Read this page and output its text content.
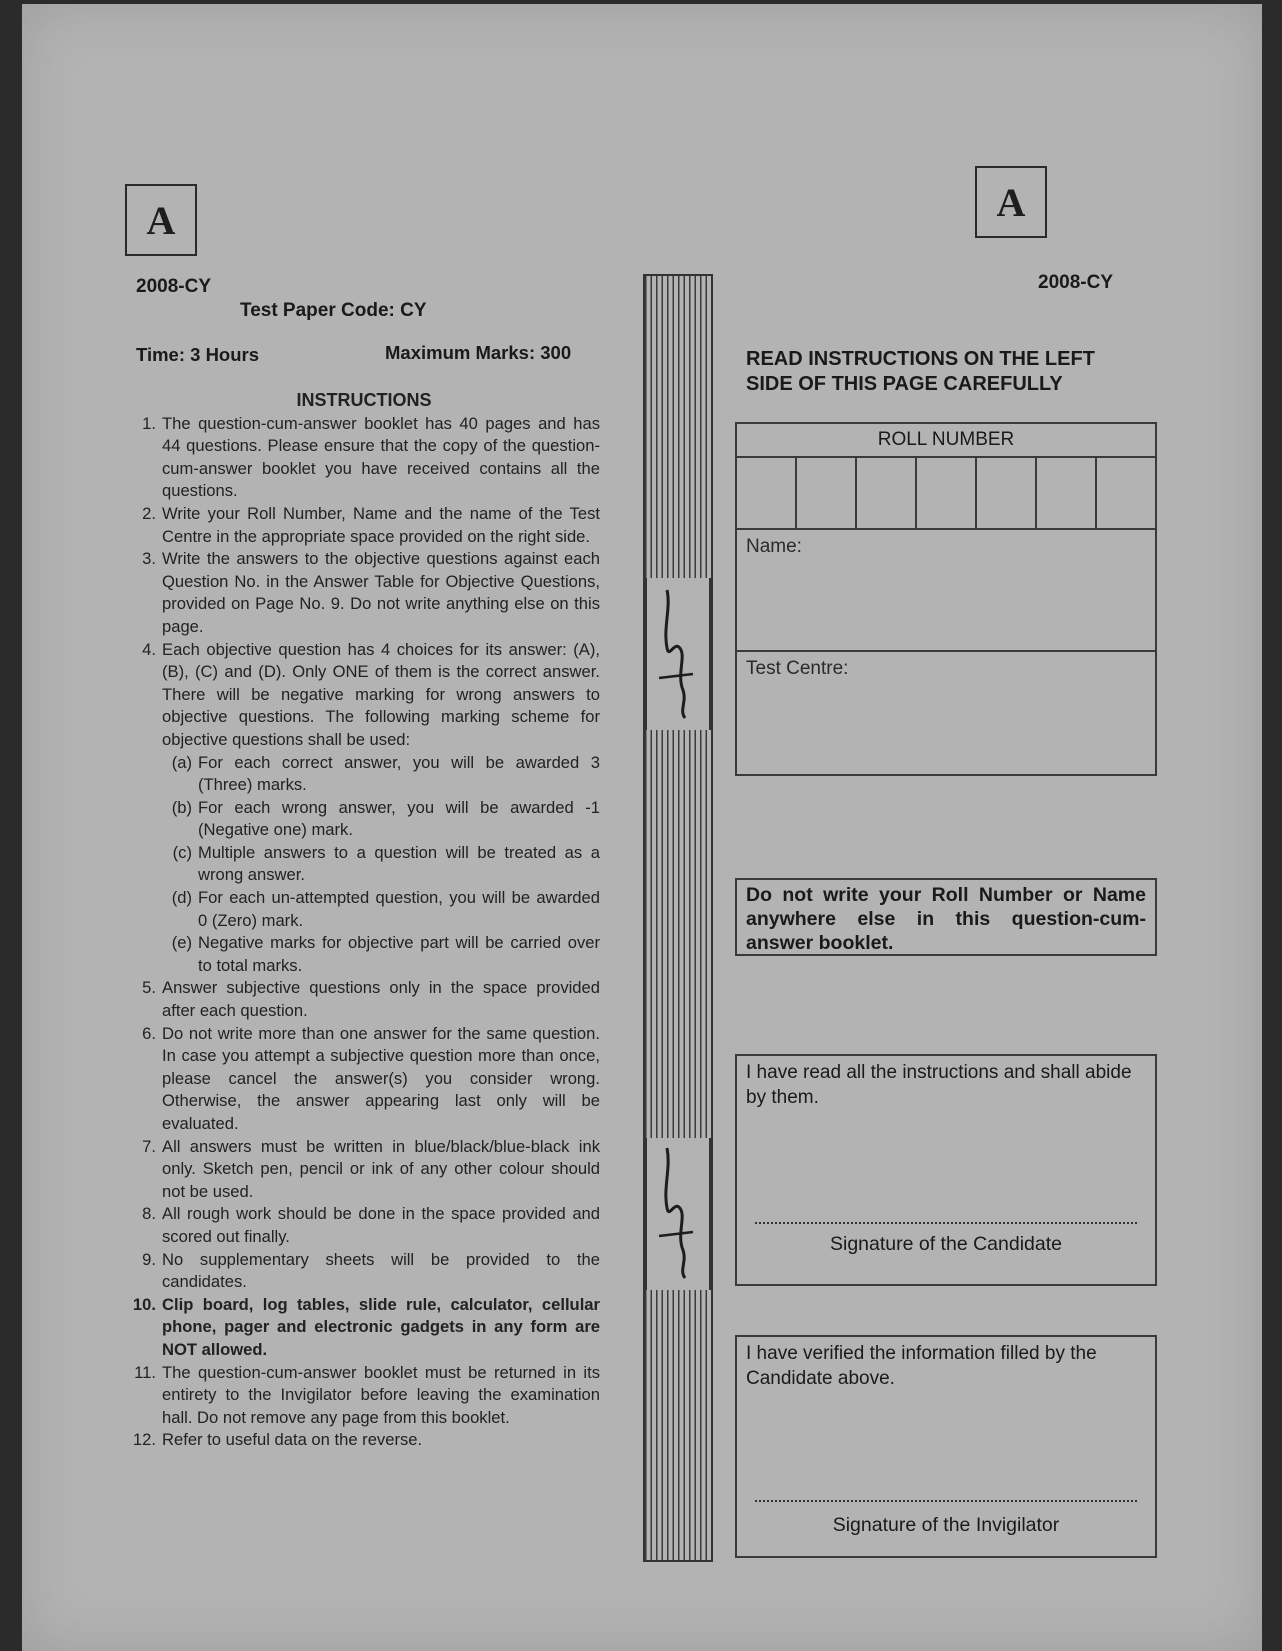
A
2008-CY
Test Paper Code: CY
Time: 3 Hours	Maximum Marks: 300
INSTRUCTIONS
1. The question-cum-answer booklet has 40 pages and has 44 questions. Please ensure that the copy of the question-cum-answer booklet you have received contains all the questions.
2. Write your Roll Number, Name and the name of the Test Centre in the appropriate space provided on the right side.
3. Write the answers to the objective questions against each Question No. in the Answer Table for Objective Questions, provided on Page No. 9. Do not write anything else on this page.
4. Each objective question has 4 choices for its answer: (A), (B), (C) and (D). Only ONE of them is the correct answer. There will be negative marking for wrong answers to objective questions. The following marking scheme for objective questions shall be used:
(a) For each correct answer, you will be awarded 3 (Three) marks.
(b) For each wrong answer, you will be awarded -1 (Negative one) mark.
(c) Multiple answers to a question will be treated as a wrong answer.
(d) For each un-attempted question, you will be awarded 0 (Zero) mark.
(e) Negative marks for objective part will be carried over to total marks.
5. Answer subjective questions only in the space provided after each question.
6. Do not write more than one answer for the same question. In case you attempt a subjective question more than once, please cancel the answer(s) you consider wrong. Otherwise, the answer appearing last only will be evaluated.
7. All answers must be written in blue/black/blue-black ink only. Sketch pen, pencil or ink of any other colour should not be used.
8. All rough work should be done in the space provided and scored out finally.
9. No supplementary sheets will be provided to the candidates.
10. Clip board, log tables, slide rule, calculator, cellular phone, pager and electronic gadgets in any form are NOT allowed.
11. The question-cum-answer booklet must be returned in its entirety to the Invigilator before leaving the examination hall. Do not remove any page from this booklet.
12. Refer to useful data on the reverse.
A
2008-CY
READ INSTRUCTIONS ON THE LEFT SIDE OF THIS PAGE CAREFULLY
ROLL NUMBER
Name:
Test Centre:
Do not write your Roll Number or Name anywhere else in this question-cum-answer booklet.
I have read all the instructions and shall abide by them.
Signature of the Candidate
I have verified the information filled by the Candidate above.
Signature of the Invigilator
